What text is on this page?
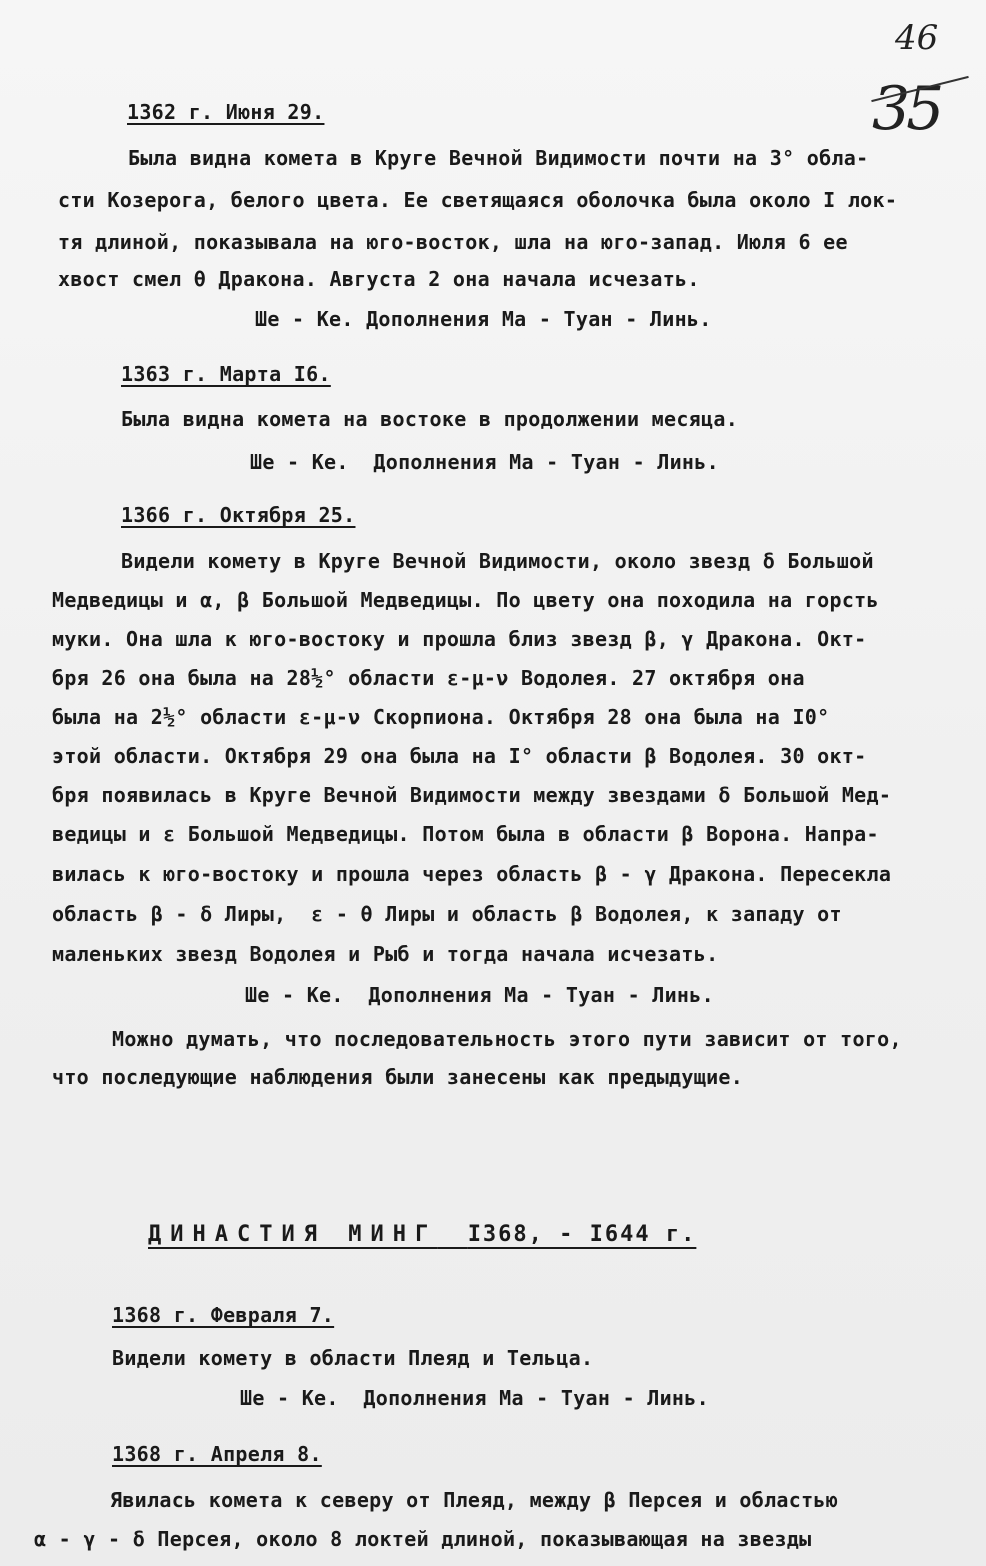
46
35
1362 г. Июня 29.
Была видна комета в Круге Вечной Видимости почти на 3° обла-
сти Козерога, белого цвета. Ее светящаяся оболочка была около I лок-
тя длиной, показывала на юго-восток, шла на юго-запад. Июля 6 ее
хвост смел θ Дракона. Августа 2 она начала исчезать.
Ше - Ке. Дополнения Ма - Туан - Линь.
1363 г. Марта I6.
Была видна комета на востоке в продолжении месяца.
Ше - Ке.  Дополнения Ма - Туан - Линь.
1366 г. Октября 25.
Видели комету в Круге Вечной Видимости, около звезд δ Большой
Медведицы и α, β Большой Медведицы. По цвету она походила на горсть
муки. Она шла к юго-востоку и прошла близ звезд β, γ Дракона. Окт-
бря 26 она была на 28½° области ε-μ-ν Водолея. 27 октября она
была на 2½° области ε-μ-ν Скорпиона. Октября 28 она была на I0°
этой области. Октября 29 она была на I° области β Водолея. 30 окт-
бря появилась в Круге Вечной Видимости между звездами δ Большой Мед-
ведицы и ε Большой Медведицы. Потом была в области β Ворона. Напра-
вилась к юго-востоку и прошла через область β - γ Дракона. Пересекла
область β - δ Лиры,  ε - θ Лиры и область β Водолея, к западу от
маленьких звезд Водолея и Рыб и тогда начала исчезать.
Ше - Ке.  Дополнения Ма - Туан - Линь.
Можно думать, что последовательность этого пути зависит от того,
что последующие наблюдения были занесены как предыдущие.
ДИНАСТИЯ МИНГ I368, - I644 г.
1368 г. Февраля 7.
Видели комету в области Плеяд и Тельца.
Ше - Ке.  Дополнения Ма - Туан - Линь.
1368 г. Апреля 8.
Явилась комета к северу от Плеяд, между β Персея и областью
α - γ - δ Персея, около 8 локтей длиной, показывающая на звезды
